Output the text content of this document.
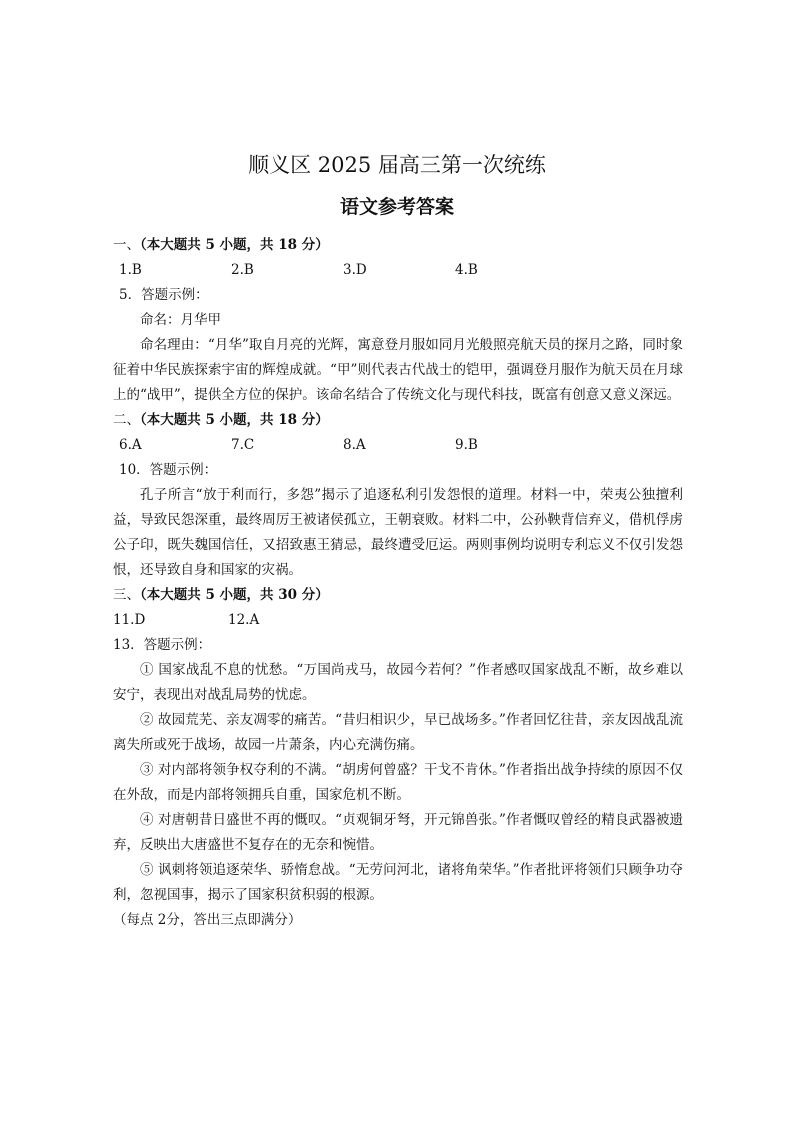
顺义区 2025 届高三第一次统练
语文参考答案

一、（本大题共 5 小题，共 18 分）

1.B	2.B	3.D	4.B

5．答题示例：

命名：月华甲

命名理由：“月华”取自月亮的光辉，寓意登月服如同月光般照亮航天员的探月之路，同时象征着中华民族探索宇宙的辉煌成就。“甲”则代表古代战士的铠甲，强调登月服作为航天员在月球上的“战甲”，提供全方位的保护。该命名结合了传统文化与现代科技，既富有创意又意义深远。

二、（本大题共 5 小题，共 18 分）

6.A	7.C	8.A	9.B

10．答题示例：

孔子所言“放于利而行，多怨”揭示了追逐私利引发怨恨的道理。材料一中，荣夷公独擅利益，导致民怨深重，最终周厉王被诸侯孤立，王朝衰败。材料二中，公孙鞅背信弃义，借机俘虏公子印，既失魏国信任，又招致惠王猜忌，最终遭受厄运。两则事例均说明专利忘义不仅引发怨恨，还导致自身和国家的灾祸。

三、（本大题共 5 小题，共 30 分）

11.D	12.A

13．答题示例：

① 国家战乱不息的忧愁。“万国尚戎马，故园今若何？”作者感叹国家战乱不断，故乡难以安宁，表现出对战乱局势的忧虑。

② 故园荒芜、亲友凋零的痛苦。“昔归相识少，早已战场多。”作者回忆往昔，亲友因战乱流离失所或死于战场，故园一片萧条，内心充满伤痛。

③ 对内部将领争权夺利的不满。“胡虏何曾盛？干戈不肯休。”作者指出战争持续的原因不仅在外敌，而是内部将领拥兵自重，国家危机不断。

④ 对唐朝昔日盛世不再的慨叹。“贞观铜牙弩，开元锦兽张。”作者慨叹曾经的精良武器被遗弃，反映出大唐盛世不复存在的无奈和惋惜。

⑤ 讽刺将领追逐荣华、骄惰怠战。“无劳问河北，诸将角荣华。”作者批评将领们只顾争功夺利，忽视国事，揭示了国家积贫积弱的根源。

（每点 2分，答出三点即满分）
